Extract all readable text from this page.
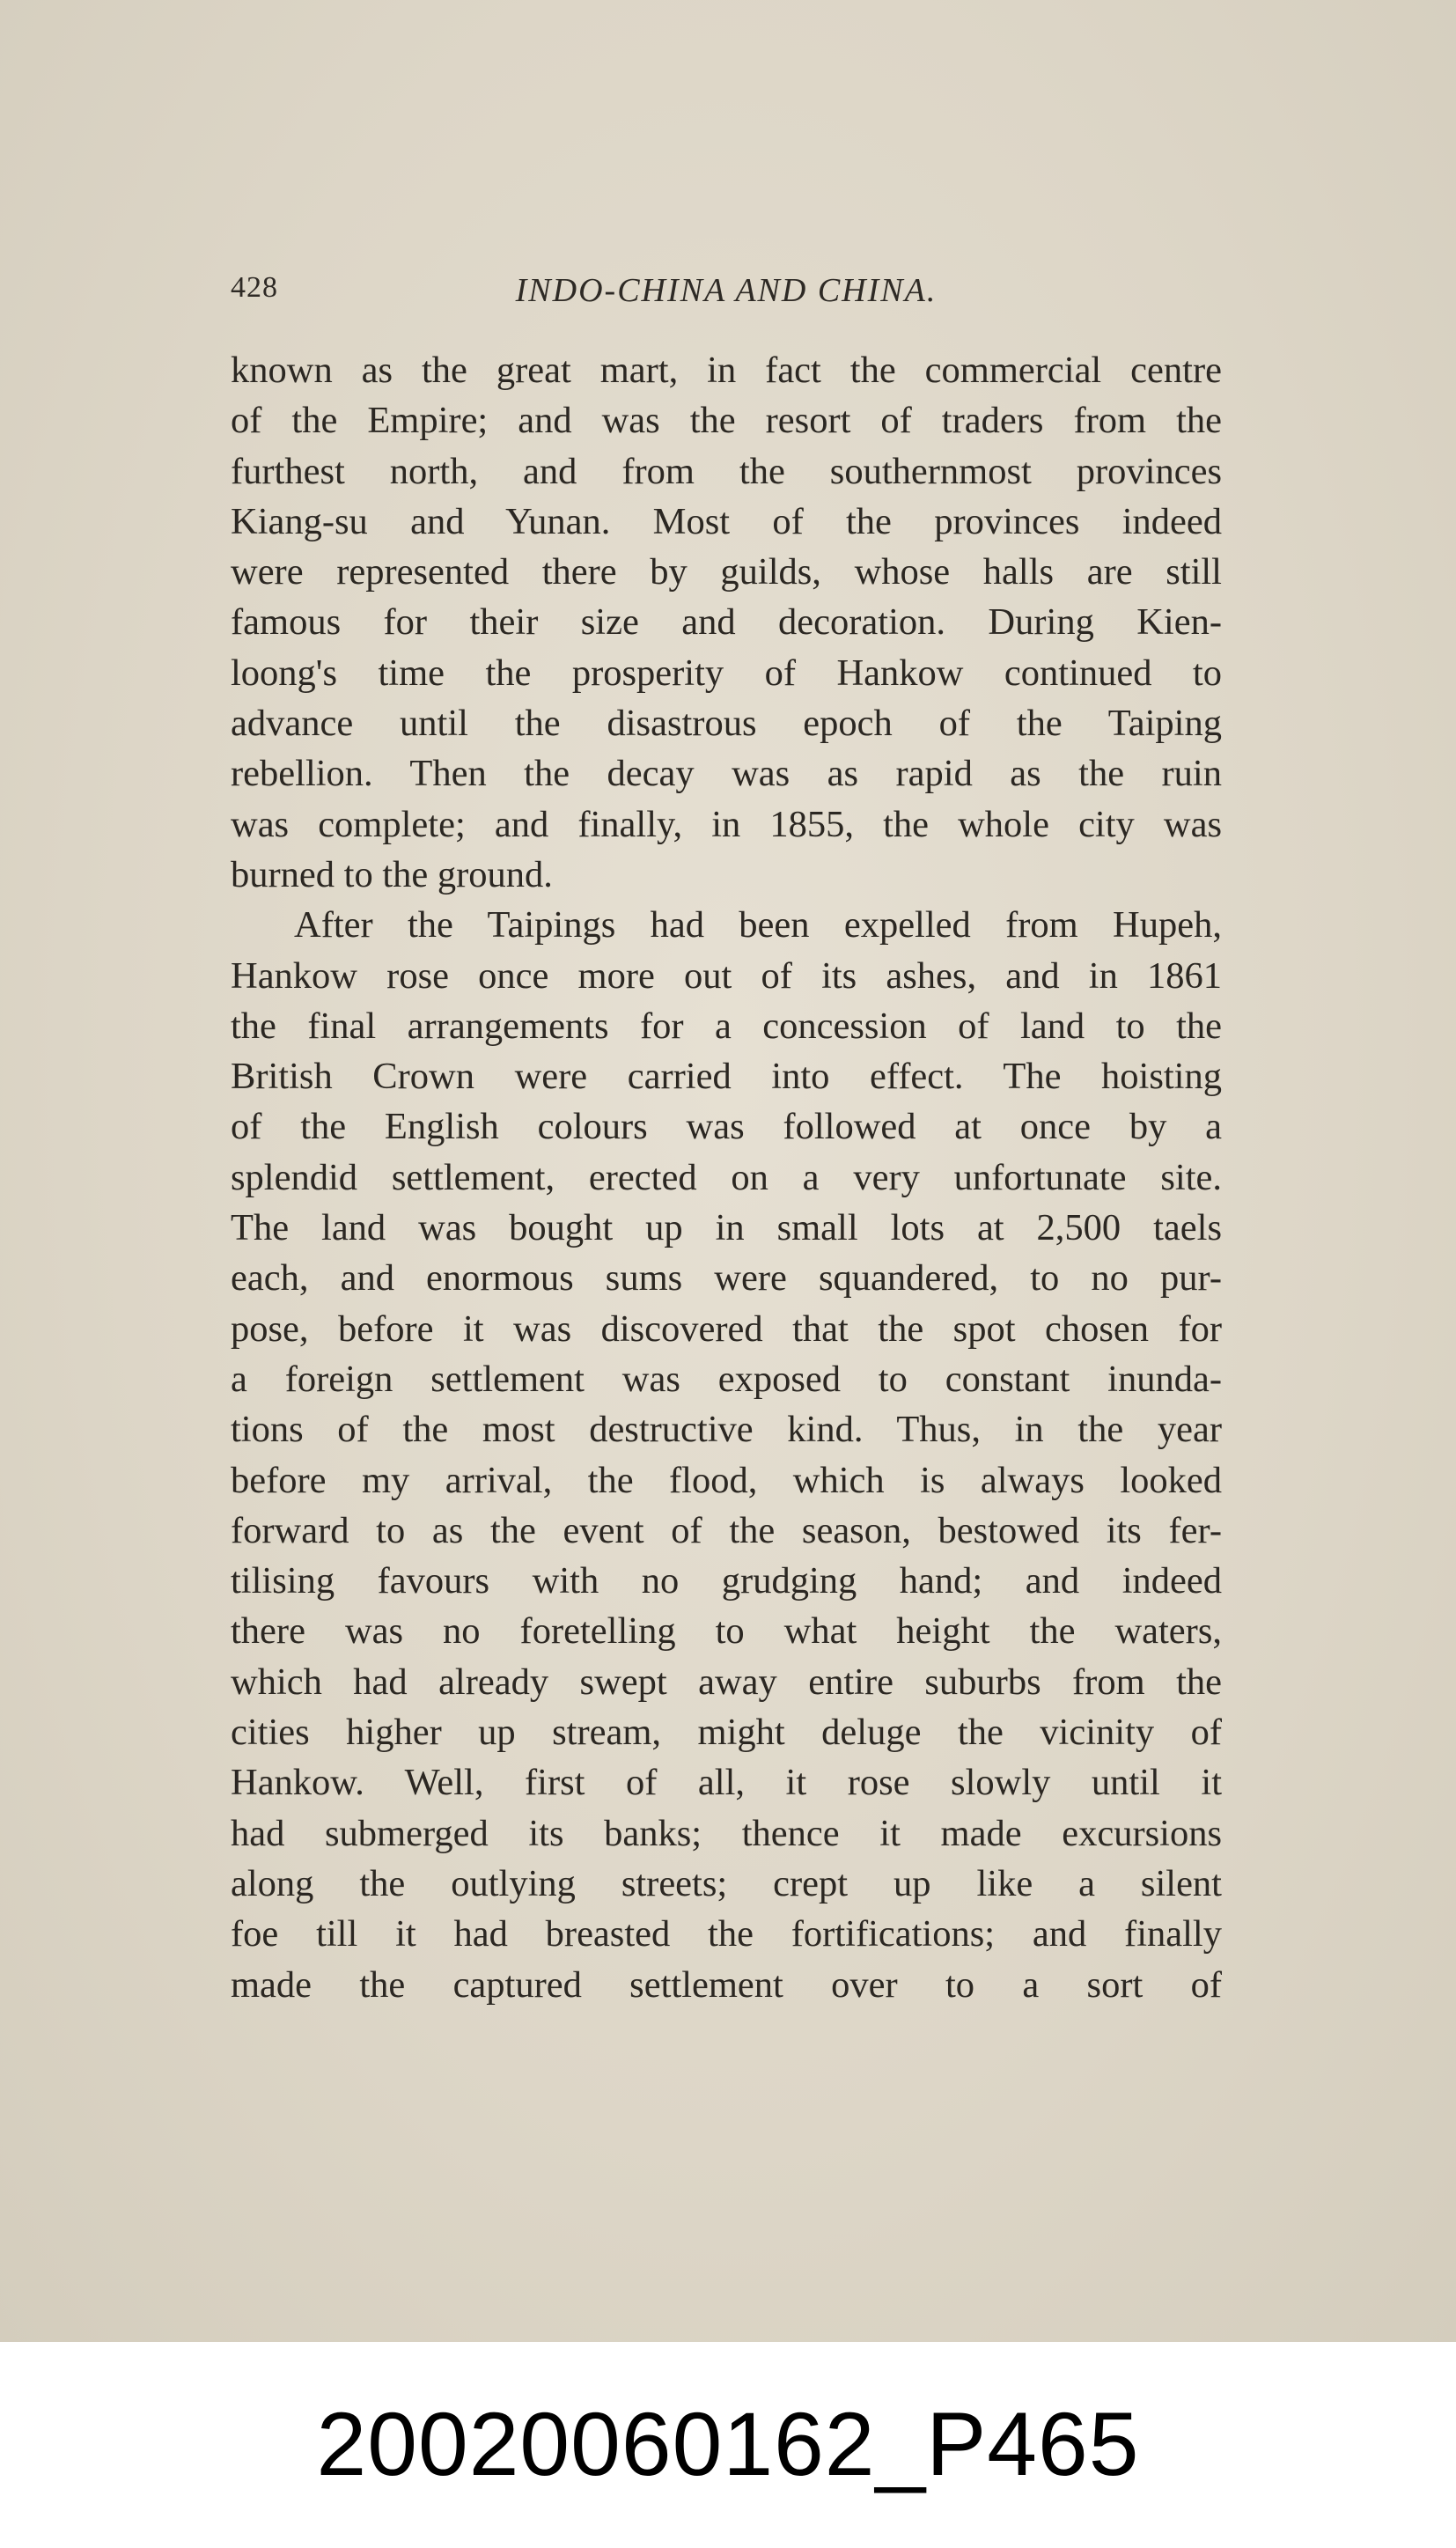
428	INDO-CHINA AND CHINA.
known as the great mart, in fact the commercial centre
of the Empire; and was the resort of traders from the
furthest north, and from the southernmost provinces
Kiang-su and Yunan. Most of the provinces indeed
were represented there by guilds, whose halls are still
famous for their size and decoration. During Kien-
loong's time the prosperity of Hankow continued to
advance until the disastrous epoch of the Taiping
rebellion. Then the decay was as rapid as the ruin
was complete; and finally, in 1855, the whole city was
burned to the ground.
After the Taipings had been expelled from Hupeh,
Hankow rose once more out of its ashes, and in 1861
the final arrangements for a concession of land to the
British Crown were carried into effect. The hoisting
of the English colours was followed at once by a
splendid settlement, erected on a very unfortunate site.
The land was bought up in small lots at 2,500 taels
each, and enormous sums were squandered, to no pur-
pose, before it was discovered that the spot chosen for
a foreign settlement was exposed to constant inunda-
tions of the most destructive kind. Thus, in the year
before my arrival, the flood, which is always looked
forward to as the event of the season, bestowed its fer-
tilising favours with no grudging hand; and indeed
there was no foretelling to what height the waters,
which had already swept away entire suburbs from the
cities higher up stream, might deluge the vicinity of
Hankow. Well, first of all, it rose slowly until it
had submerged its banks; thence it made excursions
along the outlying streets; crept up like a silent
foe till it had breasted the fortifications; and finally
made the captured settlement over to a sort of
20020060162_P465
